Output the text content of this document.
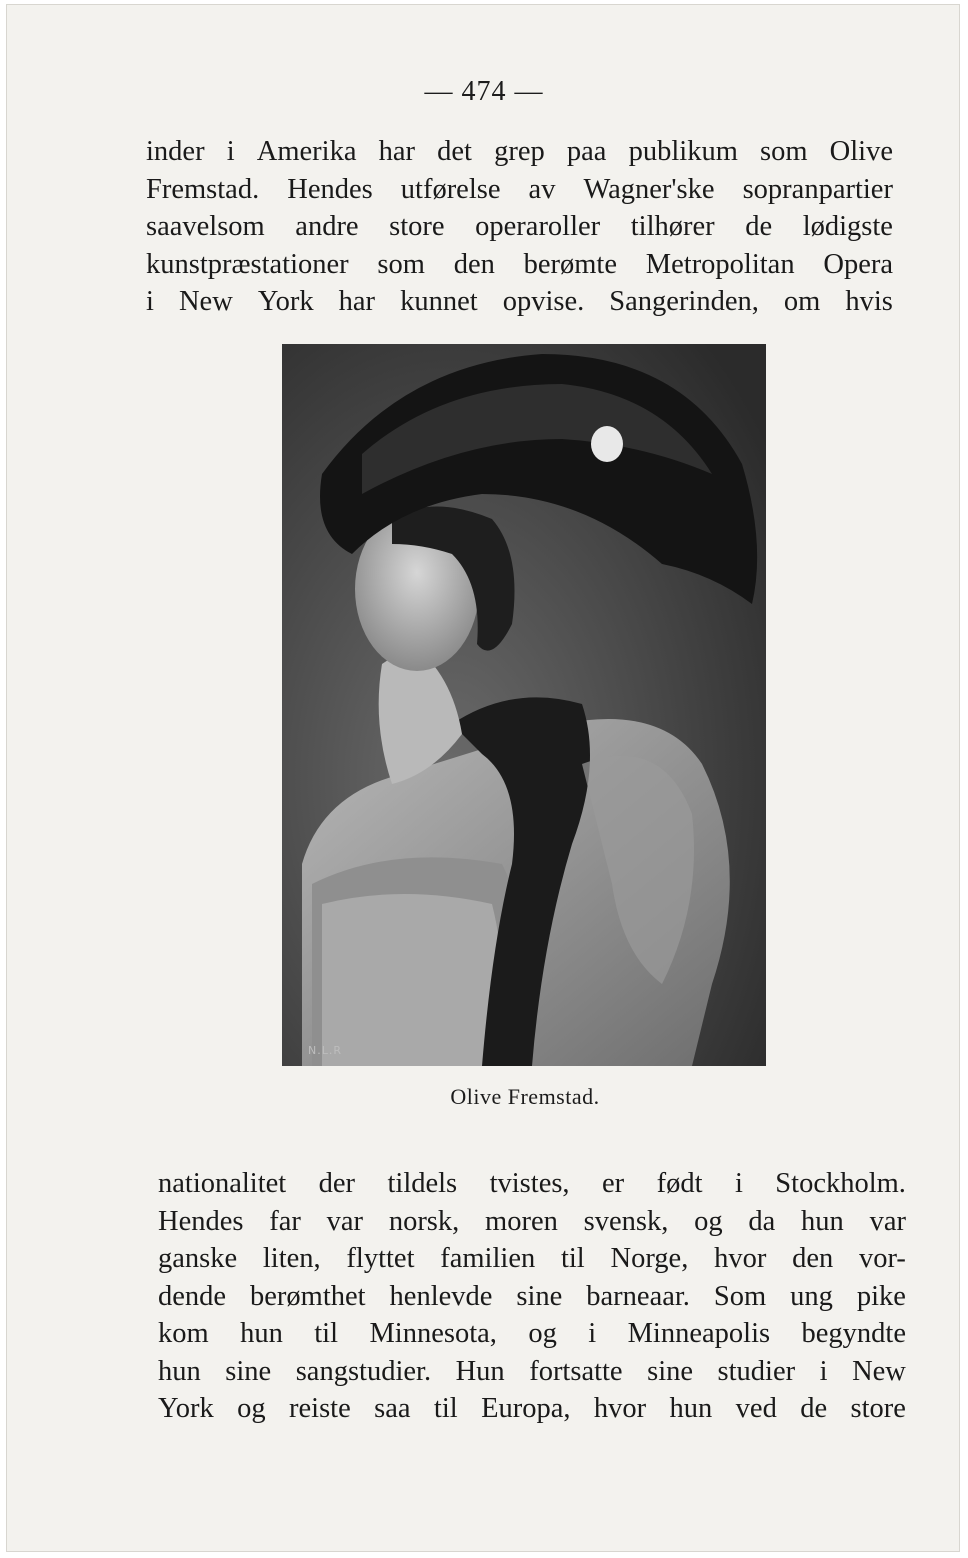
— 474 —

inder i Amerika har det grep paa publikum som Olive
Fremstad. Hendes utførelse av Wagner'ske sopranpartier
saavelsom andre store operaroller tilhører de lødigste
kunstpræstationer som den berømte Metropolitan Opera
i New York har kunnet opvise. Sangerinden, om hvis

N.L.R
Olive Fremstad.

nationalitet der tildels tvistes, er født i Stockholm.
Hendes far var norsk, moren svensk, og da hun var
ganske liten, flyttet familien til Norge, hvor den vor-
dende berømthet henlevde sine barneaar. Som ung pike
kom hun til Minnesota, og i Minneapolis begyndte
hun sine sangstudier. Hun fortsatte sine studier i New
York og reiste saa til Europa, hvor hun ved de store
